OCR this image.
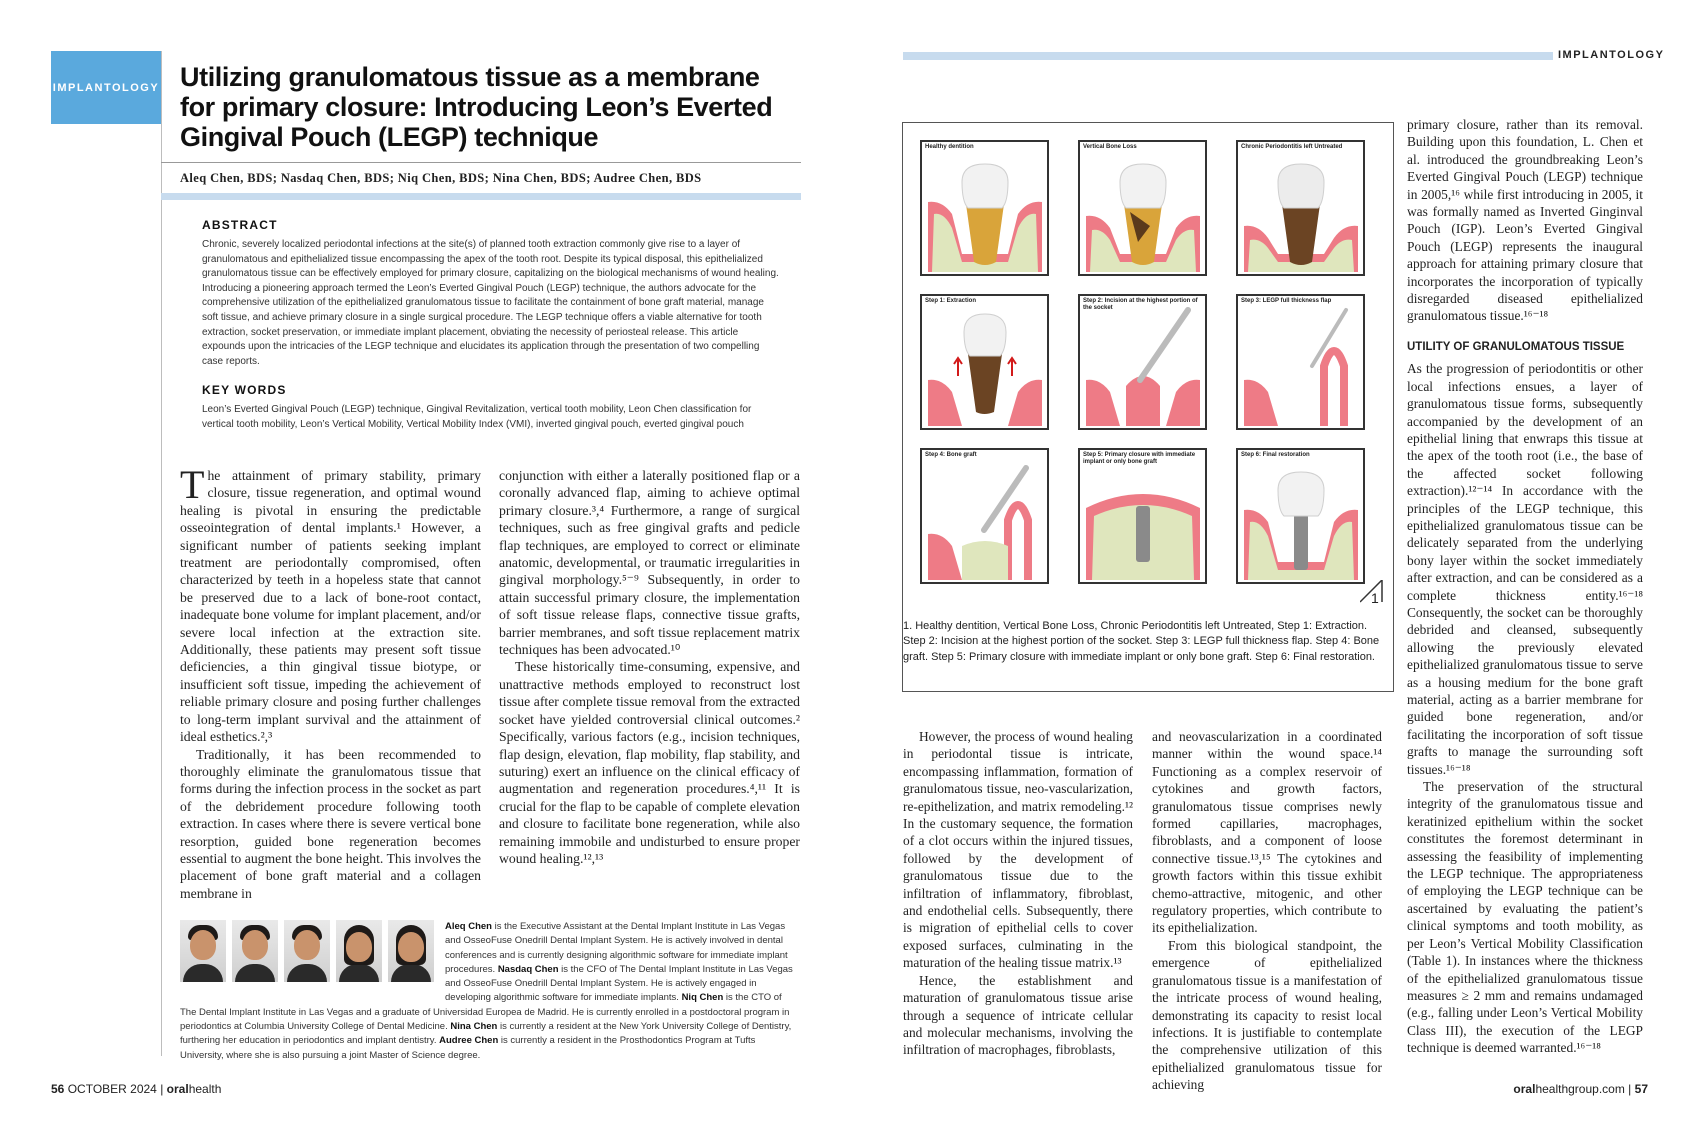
IMPLANTOLOGY Utilizing granulomatous tissue as a membrane for primary closure: Introducing Leon’s Everted Gingival Pouch (LEGP) technique
Aleq Chen, BDS; Nasdaq Chen, BDS; Niq Chen, BDS; Nina Chen, BDS; Audree Chen, BDS
ABSTRACT

Chronic, severely localized periodontal infections at the site(s) of planned tooth extraction commonly give rise to a layer of granulomatous and epithelialized tissue encompassing the apex of the tooth root. Despite its typical disposal, this epithelialized granulomatous tissue can be effectively employed for primary closure, capitalizing on the biological mechanisms of wound healing. Introducing a pioneering approach termed the Leon’s Everted Gingival Pouch (LEGP) technique, the authors advocate for the comprehensive utilization of the epithelialized granulomatous tissue to facilitate the containment of bone graft material, manage soft tissue, and achieve primary closure in a single surgical procedure. The LEGP technique offers a viable alternative for tooth extraction, socket preservation, or immediate implant placement, obviating the necessity of periosteal release. This article expounds upon the intricacies of the LEGP technique and elucidates its application through the presentation of two compelling case reports.

KEY WORDS

Leon’s Everted Gingival Pouch (LEGP) technique, Gingival Revitalization, vertical tooth mobility, Leon Chen classification for vertical tooth mobility, Leon’s Vertical Mobility, Vertical Mobility Index (VMI), inverted gingival pouch, everted gingival pouch

The attainment of primary stability, primary closure, tissue regeneration, and optimal wound healing is pivotal in ensuring the predictable osseointegration of dental implants.¹ However, a significant number of patients seeking implant treatment are periodontally compromised, often characterized by teeth in a hopeless state that cannot be preserved due to a lack of bone-root contact, inadequate bone volume for implant placement, and/or severe local infection at the extraction site. Additionally, these patients may present soft tissue deficiencies, a thin gingival tissue biotype, or insufficient soft tissue, impeding the achievement of reliable primary closure and posing further challenges to long-term implant survival and the attainment of ideal esthetics.²,³

Traditionally, it has been recommended to thoroughly eliminate the granulomatous tissue that forms during the infection process in the socket as part of the debridement procedure following tooth extraction. In cases where there is severe vertical bone resorption, guided bone regeneration becomes essential to augment the bone height. This involves the placement of bone graft material and a collagen membrane in

conjunction with either a laterally positioned flap or a coronally advanced flap, aiming to achieve optimal primary closure.³,⁴ Furthermore, a range of surgical techniques, such as free gingival grafts and pedicle flap techniques, are employed to correct or eliminate anatomic, developmental, or traumatic irregularities in gingival morphology.⁵⁻⁹ Subsequently, in order to attain successful primary closure, the implementation of soft tissue release flaps, connective tissue grafts, barrier membranes, and soft tissue replacement matrix techniques has been advocated.¹⁰

These historically time-consuming, expensive, and unattractive methods employed to reconstruct lost tissue after complete tissue removal from the extracted socket have yielded controversial clinical outcomes.² Specifically, various factors (e.g., incision techniques, flap design, elevation, flap mobility, flap stability, and suturing) exert an influence on the clinical efficacy of augmentation and regeneration procedures.⁴,¹¹ It is crucial for the flap to be capable of complete elevation and closure to facilitate bone regeneration, while also remaining immobile and undisturbed to ensure proper wound healing.¹²,¹³

Aleq Chen is the Executive Assistant at the Dental Implant Institute in Las Vegas and OsseoFuse Onedrill Dental Implant System. He is actively involved in dental conferences and is currently designing algorithmic software for immediate implant procedures. Nasdaq Chen is the CFO of The Dental Implant Institute in Las Vegas and OsseoFuse Onedrill Dental Implant System. He is actively engaged in developing algorithmic software for immediate implants. Niq Chen is the CTO of The Dental Implant Institute in Las Vegas and a graduate of Universidad Europea de Madrid. He is currently enrolled in a postdoctoral program in periodontics at Columbia University College of Dental Medicine. Nina Chen is currently a resident at the New York University College of Dentistry, furthering her education in periodontics and implant dentistry. Audree Chen is currently a resident in the Prosthodontics Program at Tufts University, where she is also pursuing a joint Master of Science degree.
56 OCTOBER 2024 | oralhealth
IMPLANTOLOGY
Healthy dentition	Vertical Bone Loss	Chronic Periodontitis left Untreated
Step 1: Extraction	Step 2: Incision at the highest portion of the socket
Step 3: LEGP full thickness flap
Step 4: Bone graft	Step 5: Primary closure with immediate implant or only bone graft
Step 6: Final restoration
1

1. Healthy dentition, Vertical Bone Loss, Chronic Periodontitis left Untreated, Step 1: Extraction. Step 2: Incision at the highest portion of the socket. Step 3: LEGP full thickness flap. Step 4: Bone graft. Step 5: Primary closure with immediate implant or only bone graft. Step 6: Final restoration.

However, the process of wound healing in periodontal tissue is intricate, encompassing inflammation, formation of granulomatous tissue, neo-vascularization, re-epithelization, and matrix remodeling.¹² In the customary sequence, the formation of a clot occurs within the injured tissues, followed by the development of granulomatous tissue due to the infiltration of inflammatory, fibroblast, and endothelial cells. Subsequently, there is migration of epithelial cells to cover exposed surfaces, culminating in the maturation of the healing tissue matrix.¹³

Hence, the establishment and maturation of granulomatous tissue arise through a sequence of intricate cellular and molecular mechanisms, involving the infiltration of macrophages, fibroblasts,

and neovascularization in a coordinated manner within the wound space.¹⁴ Functioning as a complex reservoir of cytokines and growth factors, granulomatous tissue comprises newly formed capillaries, macrophages, fibroblasts, and a component of loose connective tissue.¹³,¹⁵ The cytokines and growth factors within this tissue exhibit chemo-attractive, mitogenic, and other regulatory properties, which contribute to its epithelialization.

From this biological standpoint, the emergence of epithelialized granulomatous tissue is a manifestation of the intricate process of wound healing, demonstrating its capacity to resist local infections. It is justifiable to contemplate the comprehensive utilization of this epithelialized granulomatous tissue for achieving

primary closure, rather than its removal. Building upon this foundation, L. Chen et al. introduced the groundbreaking Leon’s Everted Gingival Pouch (LEGP) technique in 2005,¹⁶ while first introducing in 2005, it was formally named as Inverted Ginginval Pouch (IGP). Leon’s Everted Gingival Pouch (LEGP) represents the inaugural approach for attaining primary closure that incorporates the incorporation of typically disregarded diseased epithelialized granulomatous tissue.¹⁶⁻¹⁸

UTILITY OF GRANULOMATOUS TISSUE

As the progression of periodontitis or other local infections ensues, a layer of granulomatous tissue forms, subsequently accompanied by the development of an epithelial lining that enwraps this tissue at the apex of the tooth root (i.e., the base of the affected socket following extraction).¹²⁻¹⁴ In accordance with the principles of the LEGP technique, this epithelialized granulomatous tissue can be delicately separated from the underlying bony layer within the socket immediately after extraction, and can be considered as a complete thickness entity.¹⁶⁻¹⁸ Consequently, the socket can be thoroughly debrided and cleansed, subsequently allowing the previously elevated epithelialized granulomatous tissue to serve as a housing medium for the bone graft material, acting as a barrier membrane for guided bone regeneration, and/or facilitating the incorporation of soft tissue grafts to manage the surrounding soft tissues.¹⁶⁻¹⁸

The preservation of the structural integrity of the granulomatous tissue and keratinized epithelium within the socket constitutes the foremost determinant in assessing the feasibility of implementing the LEGP technique. The appropriateness of employing the LEGP technique can be ascertained by evaluating the patient’s clinical symptoms and tooth mobility, as per Leon’s Vertical Mobility Classification (Table 1). In instances where the thickness of the epithelialized granulomatous tissue measures ≥ 2 mm and remains undamaged (e.g., falling under Leon’s Vertical Mobility Class III), the execution of the LEGP technique is deemed warranted.¹⁶⁻¹⁸

oralhealthgroup.com | 57
